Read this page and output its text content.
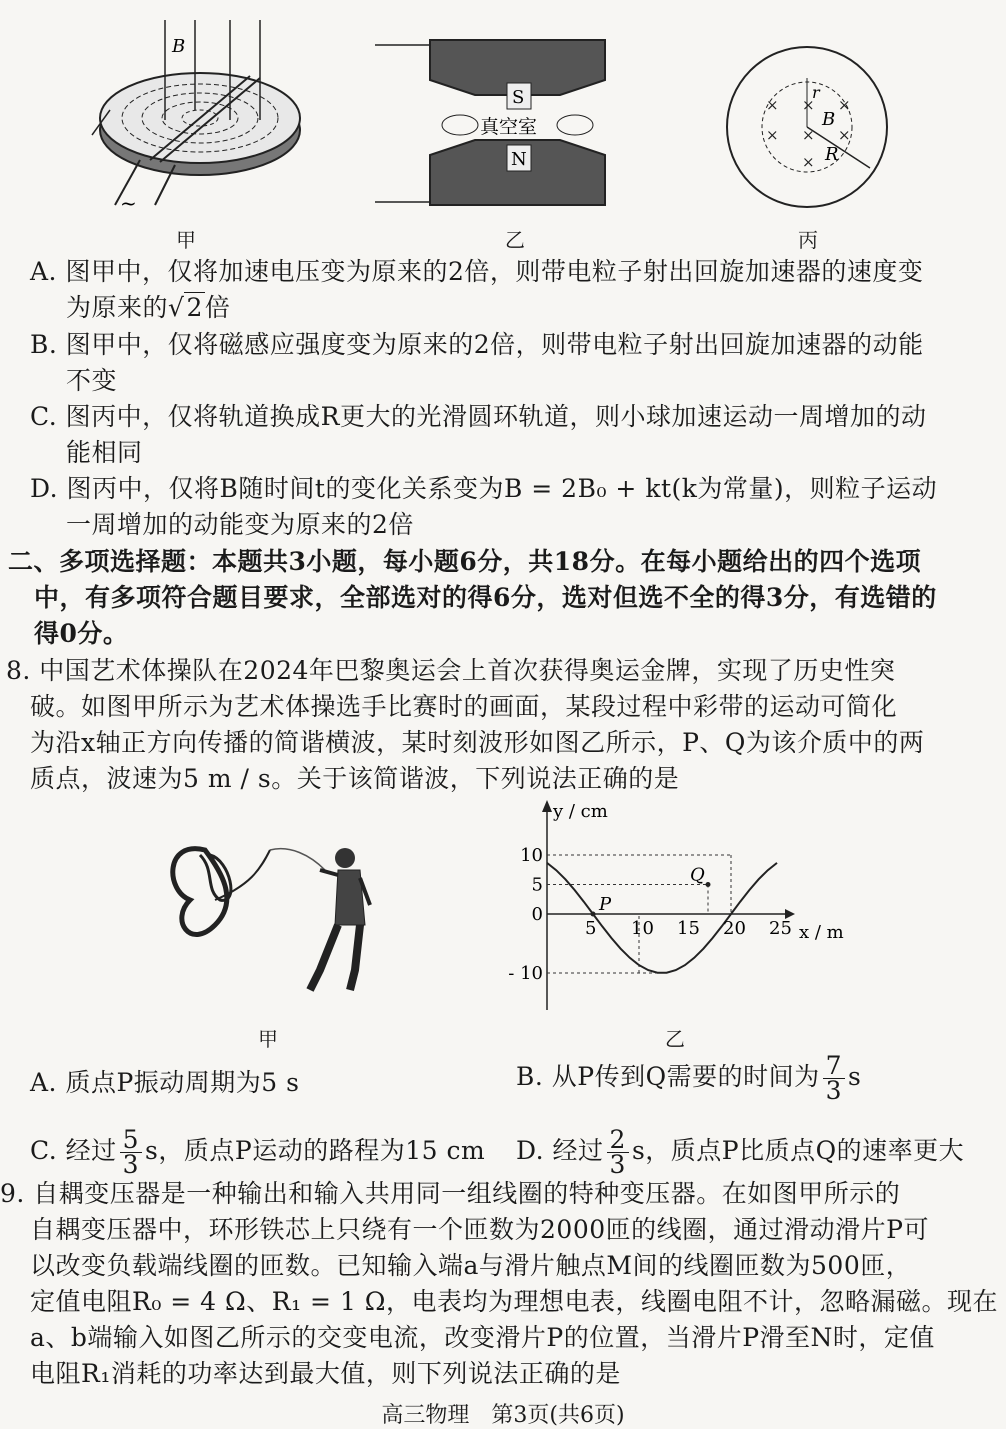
B
~
S
N
真空室
× × ×
× × ×
×
r
B
R
甲	乙	丙
A. 图甲中，仅将加速电压变为原来的2倍，则带电粒子射出回旋加速器的速度变
为原来的√2倍
B. 图甲中，仅将磁感应强度变为原来的2倍，则带电粒子射出回旋加速器的动能
不变
C. 图丙中，仅将轨道换成R更大的光滑圆环轨道，则小球加速运动一周增加的动
能相同
D. 图丙中，仅将B随时间t的变化关系变为B = 2B₀ + kt(k为常量)，则粒子运动
一周增加的动能变为原来的2倍
二、多项选择题：本题共3小题，每小题6分，共18分。在每小题给出的四个选项
中，有多项符合题目要求，全部选对的得6分，选对但选不全的得3分，有选错的
得0分。
8. 中国艺术体操队在2024年巴黎奥运会上首次获得奥运金牌，实现了历史性突
破。如图甲所示为艺术体操选手比赛时的画面，某段过程中彩带的运动可简化
为沿x轴正方向传播的简谐横波，某时刻波形如图乙所示，P、Q为该介质中的两
质点，波速为5 m / s。关于该简谐波，下列说法正确的是
甲
5 10 15 20 25
10
5
0
- 10
P
Q
y / cm
x / m
乙
A. 质点P振动周期为5 s	B. 从P传到Q需要的时间为 $\frac{7}{3}$ s
C. 经过 $\frac{5}{3}$ s，质点P运动的路程为15 cm D. 经过 $\frac{2}{3}$ s，质点P比质点Q的速率更大
9. 自耦变压器是一种输出和输入共用同一组线圈的特种变压器。在如图甲所示的
自耦变压器中，环形铁芯上只绕有一个匝数为2000匝的线圈，通过滑动滑片P可
以改变负载端线圈的匝数。已知输入端a与滑片触点M间的线圈匝数为500匝，
定值电阻R₀ = 4 Ω、R₁ = 1 Ω，电表均为理想电表，线圈电阻不计，忽略漏磁。现在
a、b端输入如图乙所示的交变电流，改变滑片P的位置，当滑片P滑至N时，定值
电阻R₁消耗的功率达到最大值，则下列说法正确的是
高三物理　第3页(共6页)
